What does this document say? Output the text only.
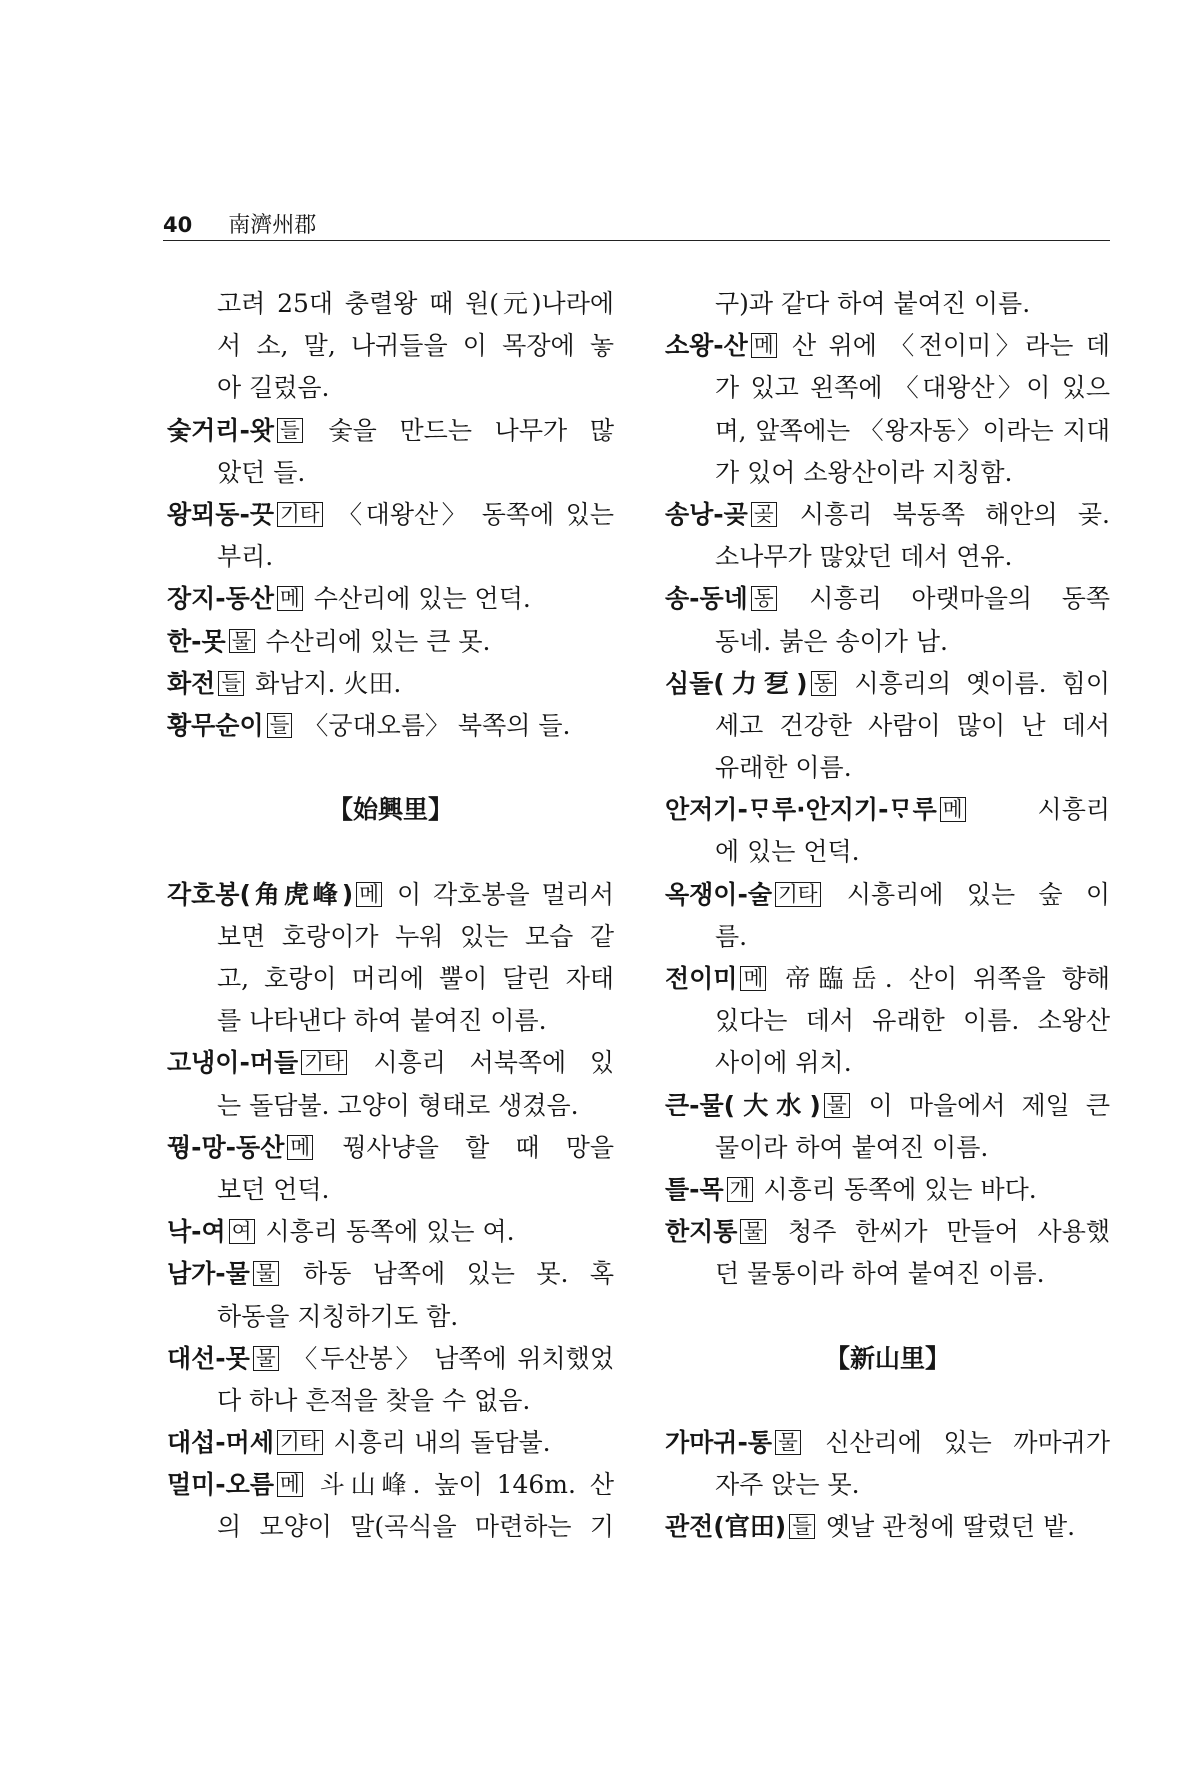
40 南濟州郡
고려 25대 충렬왕 때 원(元)나라에
서 소, 말, 나귀들을 이 목장에 놓
아 길렀음.
숯거리-왓 들 숯을 만드는 나무가 많
았던 들.
왕뫼동-끗 기타 〈대왕산〉 동쪽에 있는
부리.
장지-동산 메 수산리에 있는 언덕.
한-못 물 수산리에 있는 큰 못.
화전 들 화남지. 火田.
황무순이 들 〈궁대오름〉 북쪽의 들.
【始興里】
각호봉(角虎峰) 메 이 각호봉을 멀리서
보면 호랑이가 누워 있는 모습 같
고, 호랑이 머리에 뿔이 달린 자태
를 나타낸다 하여 붙여진 이름.
고냉이-머들 기타 시흥리 서북쪽에 있
는 돌담불. 고양이 형태로 생겼음.
꿩-망-동산 메 꿩사냥을 할 때 망을
보던 언덕.
낙-여 여 시흥리 동쪽에 있는 여.
남가-물 물 하동 남쪽에 있는 못. 혹
하동을 지칭하기도 함.
대선-못 물 〈두산봉〉 남쪽에 위치했었
다 하나 흔적을 찾을 수 없음.
대섭-머세 기타 시흥리 내의 돌담불.
멀미-오름 메 斗山峰. 높이 146m. 산
의 모양이 말(곡식을 마련하는 기
구)과 같다 하여 붙여진 이름.
소왕-산 메 산 위에 〈전이미〉라는 데
가 있고 왼쪽에 〈대왕산〉이 있으
며, 앞쪽에는 〈왕자동〉이라는 지대
가 있어 소왕산이라 지칭함.
송낭-곶 곶 시흥리 북동쪽 해안의 곶.
소나무가 많았던 데서 연유.
송-동네 동 시흥리 아랫마을의 동쪽
동네. 붉은 송이가 남.
심돌(力乭) 동 시흥리의 옛이름. 힘이
세고 건강한 사람이 많이 난 데서
유래한 이름.
안저기-ᄆᆞ루·안지기-ᄆᆞ루 메	시흥리
에 있는 언덕.
옥쟁이-술 기타 시흥리에 있는 숲 이
름.
전이미 메 帝臨岳. 산이 위쪽을 향해
있다는 데서 유래한 이름. 소왕산
사이에 위치.
큰-물(大水) 물 이 마을에서 제일 큰
물이라 하여 붙여진 이름.
틀-목 개 시흥리 동쪽에 있는 바다.
한지통 물 청주 한씨가 만들어 사용했
던 물통이라 하여 붙여진 이름.
【新山里】
가마귀-통 물 신산리에 있는 까마귀가
자주 앉는 못.
관전(官田) 들 옛날 관청에 딸렸던 밭.
